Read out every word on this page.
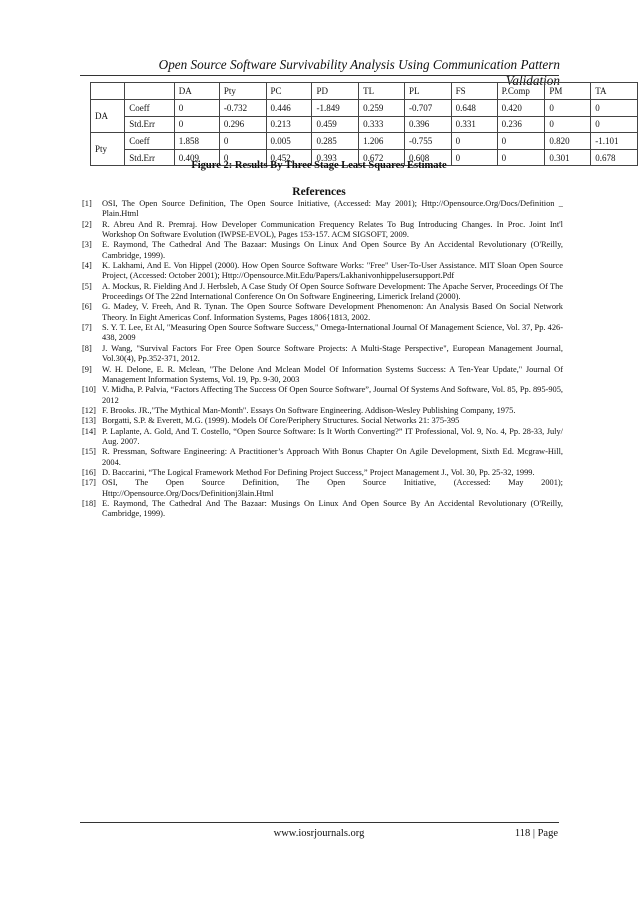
Open Source Software Survivability Analysis Using Communication Pattern Validation
		DA	Pty	PC	PD	TL	PL	FS	P.Comp	PM	TA
DA	Coeff	0	-0.732	0.446	-1.849	0.259	-0.707	0.648	0.420	0	0
	Std.Err	0	0.296	0.213	0.459	0.333	0.396	0.331	0.236	0	0
Pty	Coeff	1.858	0	0.005	0.285	1.206	-0.755	0	0	0.820	-1.101
	Std.Err	0.409	0	0.452	0.393	0.672	0.608	0	0	0.301	0.678
Figure 2: Results By Three Stage Least Squares Estimate
References
[1]	OSI, The Open Source Definition, The Open Source Initiative, (Accessed: May 2001); Http://Opensource.Org/Docs/Definition _ Plain.Html
[2]	R. Abreu And R. Premraj. How Developer Communication Frequency Relates To Bug Introducing Changes. In Proc. Joint Int'l Workshop On Software Evolution (IWPSE-EVOL), Pages 153-157. ACM SIGSOFT, 2009.
[3]	E. Raymond, The Cathedral And The Bazaar: Musings On Linux And Open Source By An Accidental Revolutionary (O'Reilly, Cambridge, 1999).
[4]	K. Lakhami, And E. Von Hippel (2000). How Open Source Software Works: "Free" User-To-User Assistance. MIT Sloan Open Source Project, (Accessed: October 2001); Http://Opensource.Mit.Edu/Papers/Lakhanivonhippelusersupport.Pdf
[5]	A. Mockus, R. Fielding And J. Herbsleb, A Case Study Of Open Source Software Development: The Apache Server, Proceedings Of The Proceedings Of The 22nd International Conference On On Software Engineering, Limerick Ireland (2000).
[6]	G. Madey, V. Freeh, And R. Tynan. The Open Source Software Development Phenomenon: An Analysis Based On Social Network Theory. In Eight Americas Conf. Information Systems, Pages 1806{1813, 2002.
[7]	S. Y. T. Lee, Et Al, "Measuring Open Source Software Success," Omega-International Journal Of Management Science, Vol. 37, Pp. 426-438, 2009
[8]	J. Wang, "Survival Factors For Free Open Source Software Projects: A Multi-Stage Perspective", European Management Journal, Vol.30(4), Pp.352-371, 2012.
[9]	W. H. Delone, E. R. Mclean, "The Delone And Mclean Model Of Information Systems Success: A Ten-Year Update," Journal Of Management Information Systems, Vol. 19, Pp. 9-30, 2003
[10] V. Midha, P. Palvia, “Factors Affecting The Success Of Open Source Software”, Journal Of Systems And Software, Vol. 85, Pp. 895-905, 2012
[12] F. Brooks. JR.,"The Mythical Man-Month". Essays On Software Engineering. Addison-Wesley Publishing Company, 1975.
[13] Borgatti, S.P. & Everett, M.G. (1999). Models Of Core/Periphery Structures. Social Networks 21: 375-395
[14] P. Laplante, A. Gold, And T. Costello, “Open Source Software: Is It Worth Converting?” IT Professional, Vol. 9, No. 4, Pp. 28-33, July/ Aug. 2007.
[15] R. Pressman, Software Engineering: A Practitioner’s Approach With Bonus Chapter On Agile Development, Sixth Ed. Mcgraw-Hill, 2004.
[16] D. Baccarini, “The Logical Framework Method For Defining Project Success,” Project Management J., Vol. 30, Pp. 25-32, 1999.
[17] OSI, The Open Source Definition, The Open Source Initiative, (Accessed: May 2001); Http://Opensource.Org/Docs/Definitionj3lain.Html
[18] E. Raymond, The Cathedral And The Bazaar: Musings On Linux And Open Source By An Accidental Revolutionary (O'Reilly, Cambridge, 1999).
www.iosrjournals.org	118 | Page
